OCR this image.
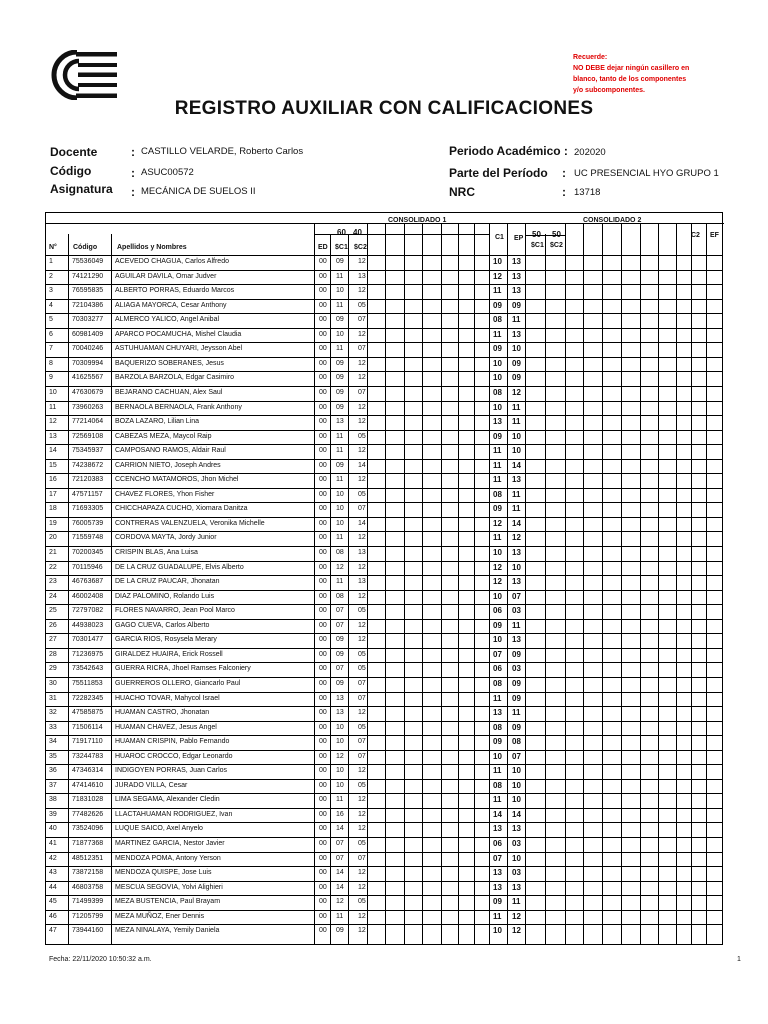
Recuerde:
NO DEBE dejar ningún casillero en
blanco, tanto de los componentes
y/o subcomponentes.
REGISTRO AUXILIAR CON CALIFICACIONES
Docente	: CASTILLO VELARDE, Roberto Carlos
Código	: ASUC00572
Asignatura : MECÁNICA DE SUELOS II
Periodo Académico : 202020
Parte del Período : UC PRESENCIAL HYO GRUPO 1
NRC	: 13718
CONSOLIDADO 1	CONSOLIDADO 2
60 40	50 50
C1 EP	C2 EF
N° Código	Apellidos y Nombres	ED $C1 $C2	$C1 $C2
1	75536049 ACEVEDO CHAGUA, Carlos Alfredo	00 09 12	10 13
2	74121290 AGUILAR DAVILA, Omar Judver	00 11 13	12 13
3	76595835 ALBERTO PORRAS, Eduardo Marcos	00 10 12	11 13
4	72104386 ALIAGA MAYORCA, Cesar Anthony	00 11 05	09 09
5	70303277 ALMERCO YALICO, Angel Anibal	00 09 07	08 11
6	60981409 APARCO POCAMUCHA, Mishel Claudia	00 10 12	11 13
7	70040246 ASTUHUAMAN CHUYARI, Jeysson Abel	00 11 07	09 10
8	70309994 BAQUERIZO SOBERANES, Jesus	00 09 12	10 09
9	41625567 BARZOLA BARZOLA, Edgar Casimiro	00 09 12	10 09
10 47630679 BEJARANO CACHUAN, Alex Saul	00 09 07	08 12
11 73960263 BERNAOLA BERNAOLA, Frank Anthony	00 09 12	10 11
12 77214064 BOZA LAZARO, Lilian Lina	00 13 12	13 11
13 72569108 CABEZAS MEZA, Maycol Raip	00 11 05	09 10
14 75345937 CAMPOSANO RAMOS, Aldair Raul	00 11 12	11 10
15 74238672 CARRION NIETO, Joseph Andres	00 09 14	11 14
16 72120383 CCENCHO MATAMOROS, Jhon Michel	00 11 12	11 13
17 47571157 CHAVEZ FLORES, Yhon Fisher	00 10 05	08 11
18 71693305 CHICCHAPAZA CUCHO, Xiomara Danitza	00 10 07	09 11
19 76005739 CONTRERAS VALENZUELA, Veronika Michelle	00 10 14	12 14
20 71559748 CORDOVA MAYTA, Jordy Junior	00 11 12	11 12
21 70200345 CRISPIN BLAS, Ana Luisa	00 08 13	10 13
22 70115946 DE LA CRUZ GUADALUPE, Elvis Alberto	00 12 12	12 10
23 46763687 DE LA CRUZ PAUCAR, Jhonatan	00 11 13	12 13
24 46002408 DIAZ PALOMINO, Rolando Luis	00 08 12	10 07
25 72797082 FLORES NAVARRO, Jean Pool Marco	00 07 05	06 03
26 44938023 GAGO CUEVA, Carlos Alberto	00 07 12	09 11
27 70301477 GARCIA RIOS, Rosysela Merary	00 09 12	10 13
28 71236975 GIRALDEZ HUAIRA, Erick Rossell	00 09 05	07 09
29 73542643 GUERRA RICRA, Jhoel Ramses Falconiery	00 07 05	06 03
30 75511853 GUERREROS OLLERO, Giancarlo Paul	00 09 07	08 09
31 72282345 HUACHO TOVAR, Mahycol Israel	00 13 07	11 09
32 47585875 HUAMAN CASTRO, Jhonatan	00 13 12	13 11
33 71506114 HUAMAN CHAVEZ, Jesus Angel	00 10 05	08 09
34 71917110 HUAMAN CRISPIN, Pablo Fernando	00 10 07	09 08
35 73244783 HUAROC CROCCO, Edgar Leonardo	00 12 07	10 07
36 47346314 INDIGOYEN PORRAS, Juan Carlos	00 10 12	11 10
37 47414610 JURADO VILLA, Cesar	00 10 05	08 10
38 71831028 LIMA SEGAMA, Alexander Cledin	00 11 12	11 10
39 77482626 LLACTAHUAMAN RODRIGUEZ, Ivan	00 16 12	14 14
40 73524096 LUQUE SAICO, Axel Anyelo	00 14 12	13 13
41 71877368 MARTINEZ GARCIA, Nestor Javier	00 07 05	06 03
42 48512351 MENDOZA POMA, Antony Yerson	00 07 07	07 10
43 73872158 MENDOZA QUISPE, Jose Luis	00 14 12	13 03
44 46803758 MESCUA SEGOVIA, Yolvi Alighieri	00 14 12	13 13
45 71499399 MEZA BUSTENCIA, Paul Brayam	00 12 05	09 11
46 71205799 MEZA MUÑOZ, Ener Dennis	00 11 12	11 12
47 73944160 MEZA NINALAYA, Yemily Daniela	00 09 12	10 12
Fecha: 22/11/2020 10:50:32 a.m.	1
